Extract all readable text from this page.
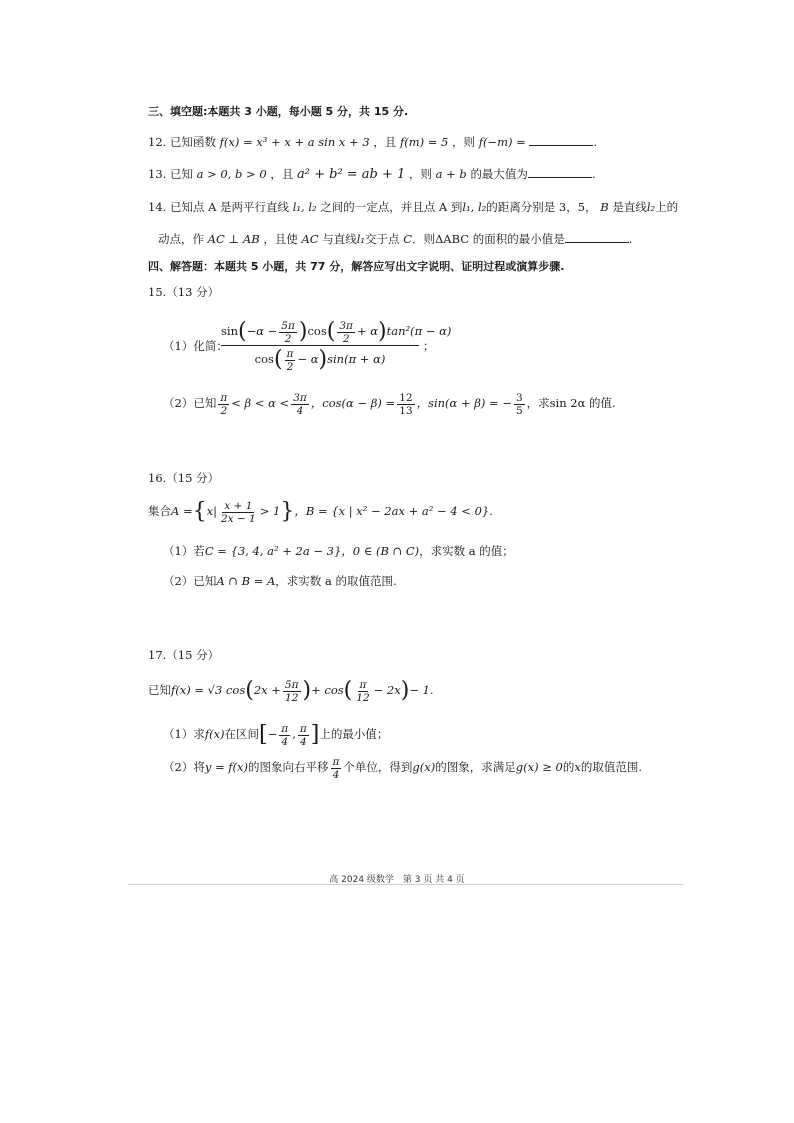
三、填空题:本题共 3 小题，每小题 5 分，共 15 分.
12. 已知函数 f(x) = x³ + x + a sin x + 3 ，且 f(m) = 5 ，则 f(−m) =	.
13. 已知 a > 0, b > 0 ，且 a² + b² = ab + 1 ，则 a + b 的最大值为	.
14. 已知点 A 是两平行直线 l₁, l₂ 之间的一定点，并且点 A 到l₁, l₂的距离分别是 3，5， B 是直线l₂上的
动点，作 AC ⊥ AB ，且使 AC 与直线l₁交于点 C．则ΔABC 的面积的最小值是	.
四、解答题：本题共 5 小题，共 77 分，解答应写出文字说明、证明过程或演算步骤.
15.（13 分）
（1）化简：
$\sin(-\alpha - \frac{5\pi}{2} )\cos( \frac{3\pi}{2} + \alpha)\tan^2(\pi - \alpha)$
$\cos( \frac{\pi}{2} - \alpha)\sin(\pi + \alpha)$
；
（2）已知 $\frac{\pi}{2} < \beta < \alpha < \frac{3\pi}{4}$ ，$\cos(\alpha - \beta) = \frac{12}{13}$ ，sin(α + β) = − $\frac{3}{5}$ ，求sin 2α 的值.
16.（15 分）
集合$A =\{x| \frac{x + 1}{2x - 1} > 1\}$，B = {x | x² − 2ax + a² − 4 < 0}.
（1）若C = {3, 4, a² + 2a − 3}，0 ∈ (B ∩ C)，求实数 a 的值；
（2）已知A ∩ B = A，求实数 a 的取值范围.
17.（15 分）
已知f(x) = √3 $\cos(2x + \frac{5\pi}{12}$ )+ $\cos( \frac{\pi}{12} - 2x)- 1$.
（1）求f(x)在区间[− $\frac{\pi}{4}$ , $\frac{\pi}{4}$ ]上的最小值；
（2）将y = f(x)的图象向右平移 $\frac{\pi}{4}$ 个单位，得到g(x)的图象，求满足g(x) ≥ 0的x的取值范围.
高 2024 级数学　第 3 页 共 4 页
